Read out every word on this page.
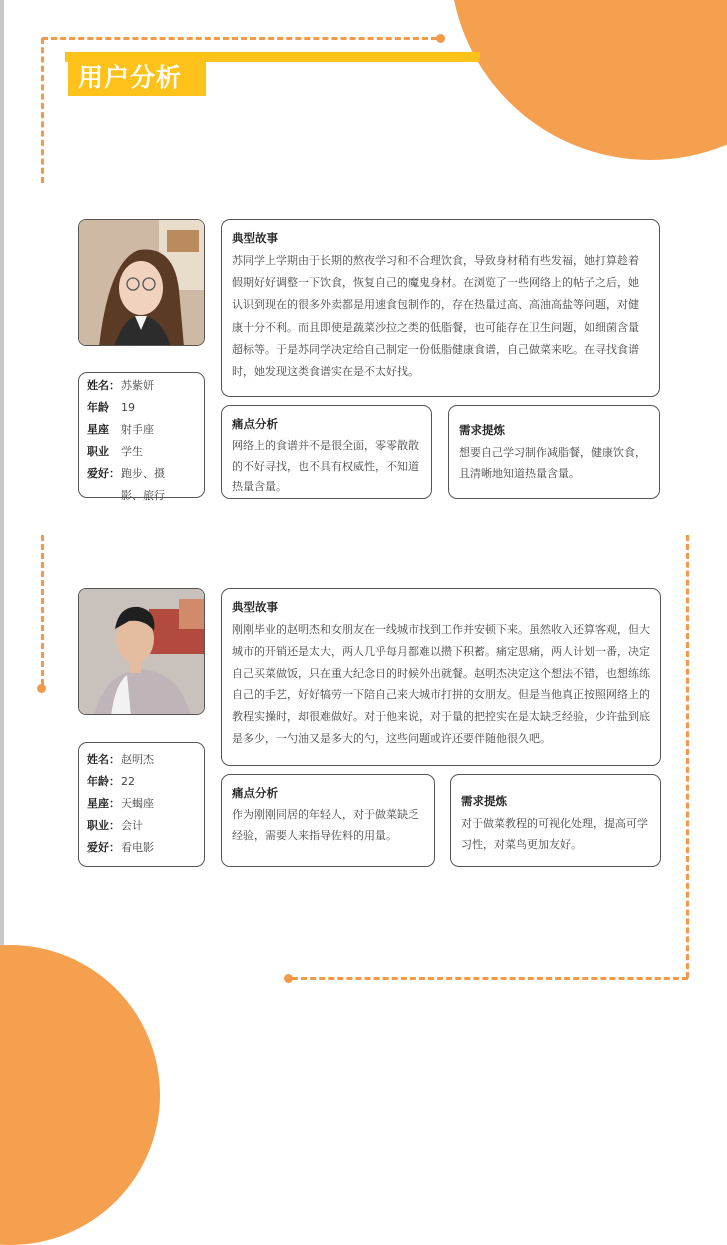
用户分析
姓名： 苏紫妍
年龄	19
星座	射手座
职业	学生
爱好： 跑步、摄影、旅行
典型故事

苏同学上学期由于长期的熬夜学习和不合理饮食，导致身材稍有些发福，她打算趁着假期好好调整一下饮食，恢复自己的魔鬼身材。在浏览了一些网络上的帖子之后，她认识到现在的很多外卖都是用速食包制作的，存在热量过高、高油高盐等问题，对健康十分不利。而且即使是蔬菜沙拉之类的低脂餐，也可能存在卫生问题，如细菌含量超标等。于是苏同学决定给自己制定一份低脂健康食谱，自己做菜来吃。在寻找食谱时，她发现这类食谱实在是不太好找。

痛点分析

网络上的食谱并不是很全面，零零散散的不好寻找，也不具有权威性，不知道热量含量。

需求提炼

想要自己学习制作减脂餐，健康饮食，且清晰地知道热量含量。

姓名： 赵明杰
年龄： 22
星座： 天蝎座
职业： 会计
爱好： 看电影
典型故事

刚刚毕业的赵明杰和女朋友在一线城市找到工作并安顿下来。虽然收入还算客观，但大城市的开销还是太大，两人几乎每月都难以攒下积蓄。痛定思痛，两人计划一番，决定自己买菜做饭，只在重大纪念日的时候外出就餐。赵明杰决定这个想法不错，也想练练自己的手艺，好好犒劳一下陪自己来大城市打拼的女朋友。但是当他真正按照网络上的教程实操时，却很难做好。对于他来说，对于量的把控实在是太缺乏经验，少许盐到底是多少，一勺油又是多大的勺，这些问题或许还要伴随他很久吧。

痛点分析

作为刚刚同居的年轻人，对于做菜缺乏经验，需要人来指导佐料的用量。

需求提炼

对于做菜教程的可视化处理，提高可学习性，对菜鸟更加友好。
